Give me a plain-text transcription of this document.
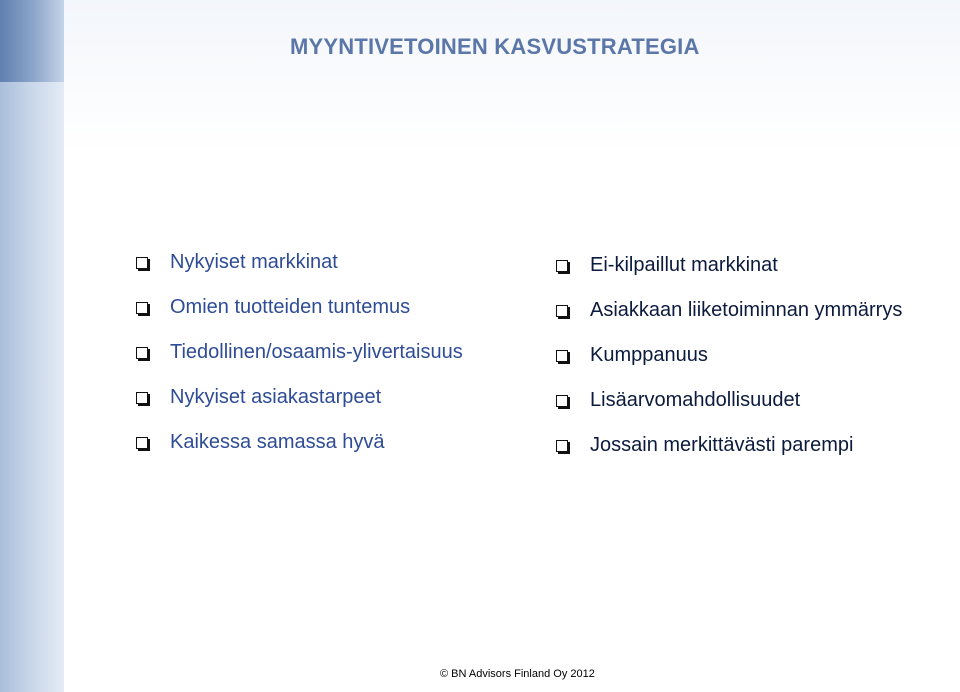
MYYNTIVETOINEN KASVUSTRATEGIA
Nykyiset markkinat
Omien tuotteiden tuntemus
Tiedollinen/osaamis-ylivertaisuus
Nykyiset asiakastarpeet
Kaikessa samassa hyvä
Ei-kilpaillut markkinat
Asiakkaan liiketoiminnan ymmärrys
Kumppanuus
Lisäarvomahdollisuudet
Jossain merkittävästi parempi
© BN Advisors Finland Oy 2012
